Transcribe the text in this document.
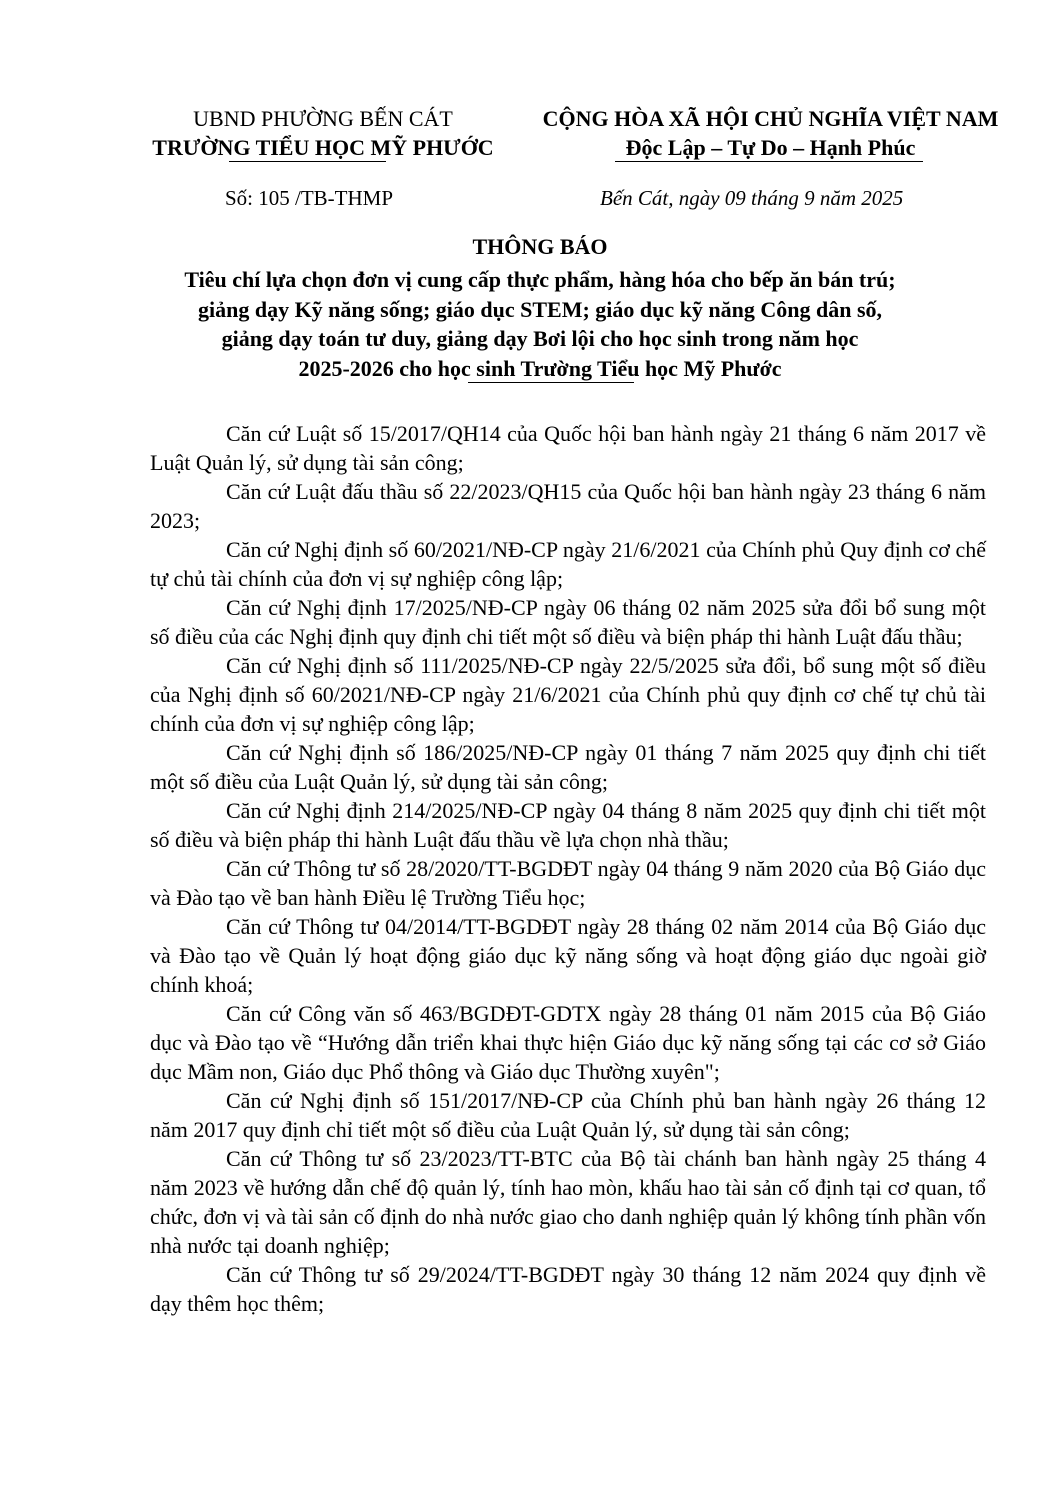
UBND PHƯỜNG BẾN CÁT
TRƯỜNG TIỂU HỌC MỸ PHƯỚC
CỘNG HÒA XÃ HỘI CHỦ NGHĨA VIỆT NAM
Độc Lập – Tự Do – Hạnh Phúc
Số: 105 /TB-THMP	Bến Cát, ngày 09 tháng 9 năm 2025
THÔNG BÁO
Tiêu chí lựa chọn đơn vị cung cấp thực phẩm, hàng hóa cho bếp ăn bán trú;
giảng dạy Kỹ năng sống; giáo dục STEM; giáo dục kỹ năng Công dân số,
giảng dạy toán tư duy, giảng dạy Bơi lội cho học sinh trong năm học
2025-2026 cho học sinh Trường Tiểu học Mỹ Phước

Căn cứ Luật số 15/2017/QH14 của Quốc hội ban hành ngày 21 tháng 6 năm 2017 về Luật Quản lý, sử dụng tài sản công;

Căn cứ Luật đấu thầu số 22/2023/QH15 của Quốc hội ban hành ngày 23 tháng 6 năm 2023;

Căn cứ Nghị định số 60/2021/NĐ-CP ngày 21/6/2021 của Chính phủ Quy định cơ chế tự chủ tài chính của đơn vị sự nghiệp công lập;

Căn cứ Nghị định 17/2025/NĐ-CP ngày 06 tháng 02 năm 2025 sửa đổi bổ sung một số điều của các Nghị định quy định chi tiết một số điều và biện pháp thi hành Luật đấu thầu;

Căn cứ Nghị định số 111/2025/NĐ-CP ngày 22/5/2025 sửa đổi, bổ sung một số điều của Nghị định số 60/2021/NĐ-CP ngày 21/6/2021 của Chính phủ quy định cơ chế tự chủ tài chính của đơn vị sự nghiệp công lập;

Căn cứ Nghị định số 186/2025/NĐ-CP ngày 01 tháng 7 năm 2025 quy định chi tiết một số điều của Luật Quản lý, sử dụng tài sản công;

Căn cứ Nghị định 214/2025/NĐ-CP ngày 04 tháng 8 năm 2025 quy định chi tiết một số điều và biện pháp thi hành Luật đấu thầu về lựa chọn nhà thầu;

Căn cứ Thông tư số 28/2020/TT-BGDĐT ngày 04 tháng 9 năm 2020 của Bộ Giáo dục và Đào tạo về ban hành Điều lệ Trường Tiểu học;

Căn cứ Thông tư 04/2014/TT-BGDĐT ngày 28 tháng 02 năm 2014 của Bộ Giáo dục và Đào tạo về Quản lý hoạt động giáo dục kỹ năng sống và hoạt động giáo dục ngoài giờ chính khoá;

Căn cứ Công văn số 463/BGDĐT-GDTX ngày 28 tháng 01 năm 2015 của Bộ Giáo dục và Đào tạo về “Hướng dẫn triển khai thực hiện Giáo dục kỹ năng sống tại các cơ sở Giáo dục Mầm non, Giáo dục Phổ thông và Giáo dục Thường xuyên";

Căn cứ Nghị định số 151/2017/NĐ-CP của Chính phủ ban hành ngày 26 tháng 12 năm 2017 quy định chỉ tiết một số điều của Luật Quản lý, sử dụng tài sản công;

Căn cứ Thông tư số 23/2023/TT-BTC của Bộ tài chánh ban hành ngày 25 tháng 4 năm 2023 về hướng dẫn chế độ quản lý, tính hao mòn, khấu hao tài sản cố định tại cơ quan, tổ chức, đơn vị và tài sản cố định do nhà nước giao cho danh nghiệp quản lý không tính phần vốn nhà nước tại doanh nghiệp;

Căn cứ Thông tư số 29/2024/TT-BGDĐT ngày 30 tháng 12 năm 2024 quy định về dạy thêm học thêm;
